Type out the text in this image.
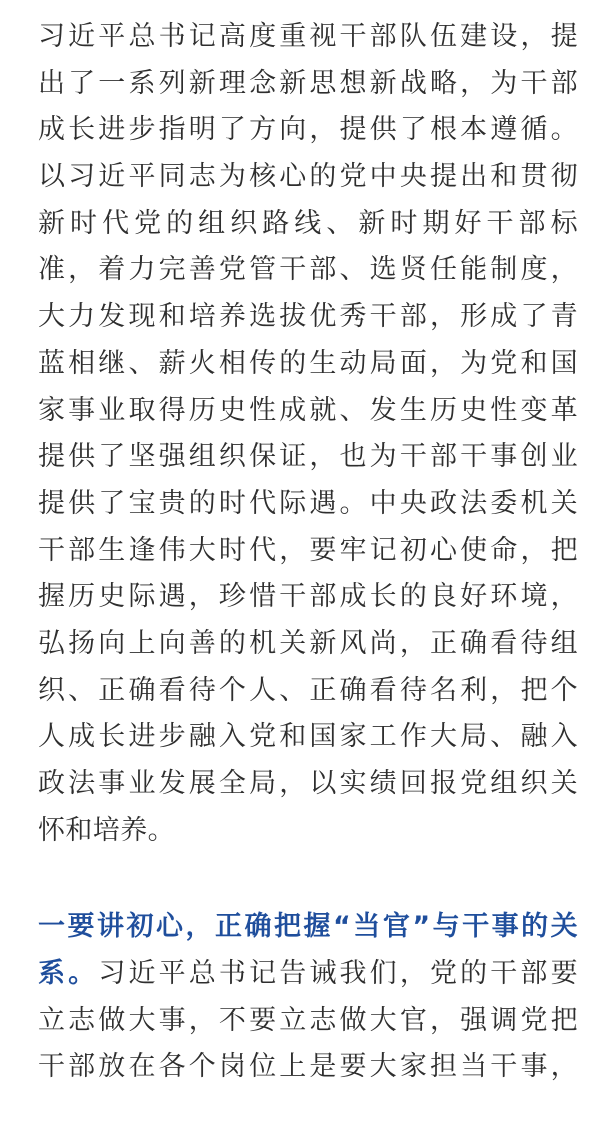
习近平总书记高度重视干部队伍建设，提
出了一系列新理念新思想新战略，为干部
成长进步指明了方向，提供了根本遵循。
以习近平同志为核心的党中央提出和贯彻
新时代党的组织路线、新时期好干部标
准，着力完善党管干部、选贤任能制度，
大力发现和培养选拔优秀干部，形成了青
蓝相继、薪火相传的生动局面，为党和国
家事业取得历史性成就、发生历史性变革
提供了坚强组织保证，也为干部干事创业
提供了宝贵的时代际遇。中央政法委机关
干部生逢伟大时代，要牢记初心使命，把
握历史际遇，珍惜干部成长的良好环境，
弘扬向上向善的机关新风尚，正确看待组
织、正确看待个人、正确看待名利，把个
人成长进步融入党和国家工作大局、融入
政法事业发展全局，以实绩回报党组织关
怀和培养。
一要讲初心，正确把握“当官”与干事的关
系。习近平总书记告诫我们，党的干部要
立志做大事，不要立志做大官，强调党把
干部放在各个岗位上是要大家担当干事，
